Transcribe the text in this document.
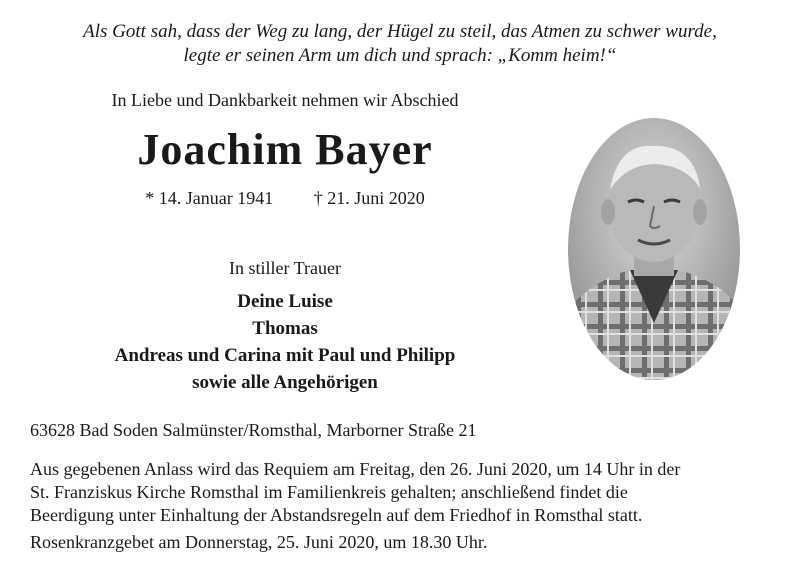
Als Gott sah, dass der Weg zu lang, der Hügel zu steil, das Atmen zu schwer wurde,
legte er seinen Arm um dich und sprach: „Komm heim!“
In Liebe und Dankbarkeit nehmen wir Abschied
Joachim Bayer
* 14. Januar 1941 † 21. Juni 2020
In stiller Trauer
Deine Luise
Thomas
Andreas und Carina mit Paul und Philipp
sowie alle Angehörigen
63628 Bad Soden Salmünster/Romsthal, Marborner Straße 21
Aus gegebenen Anlass wird das Requiem am Freitag, den 26. Juni 2020, um 14 Uhr in der
St. Franziskus Kirche Romsthal im Familienkreis gehalten; anschließend findet die
Beerdigung unter Einhaltung der Abstandsregeln auf dem Friedhof in Romsthal statt.
Rosenkranzgebet am Donnerstag, 25. Juni 2020, um 18.30 Uhr.
